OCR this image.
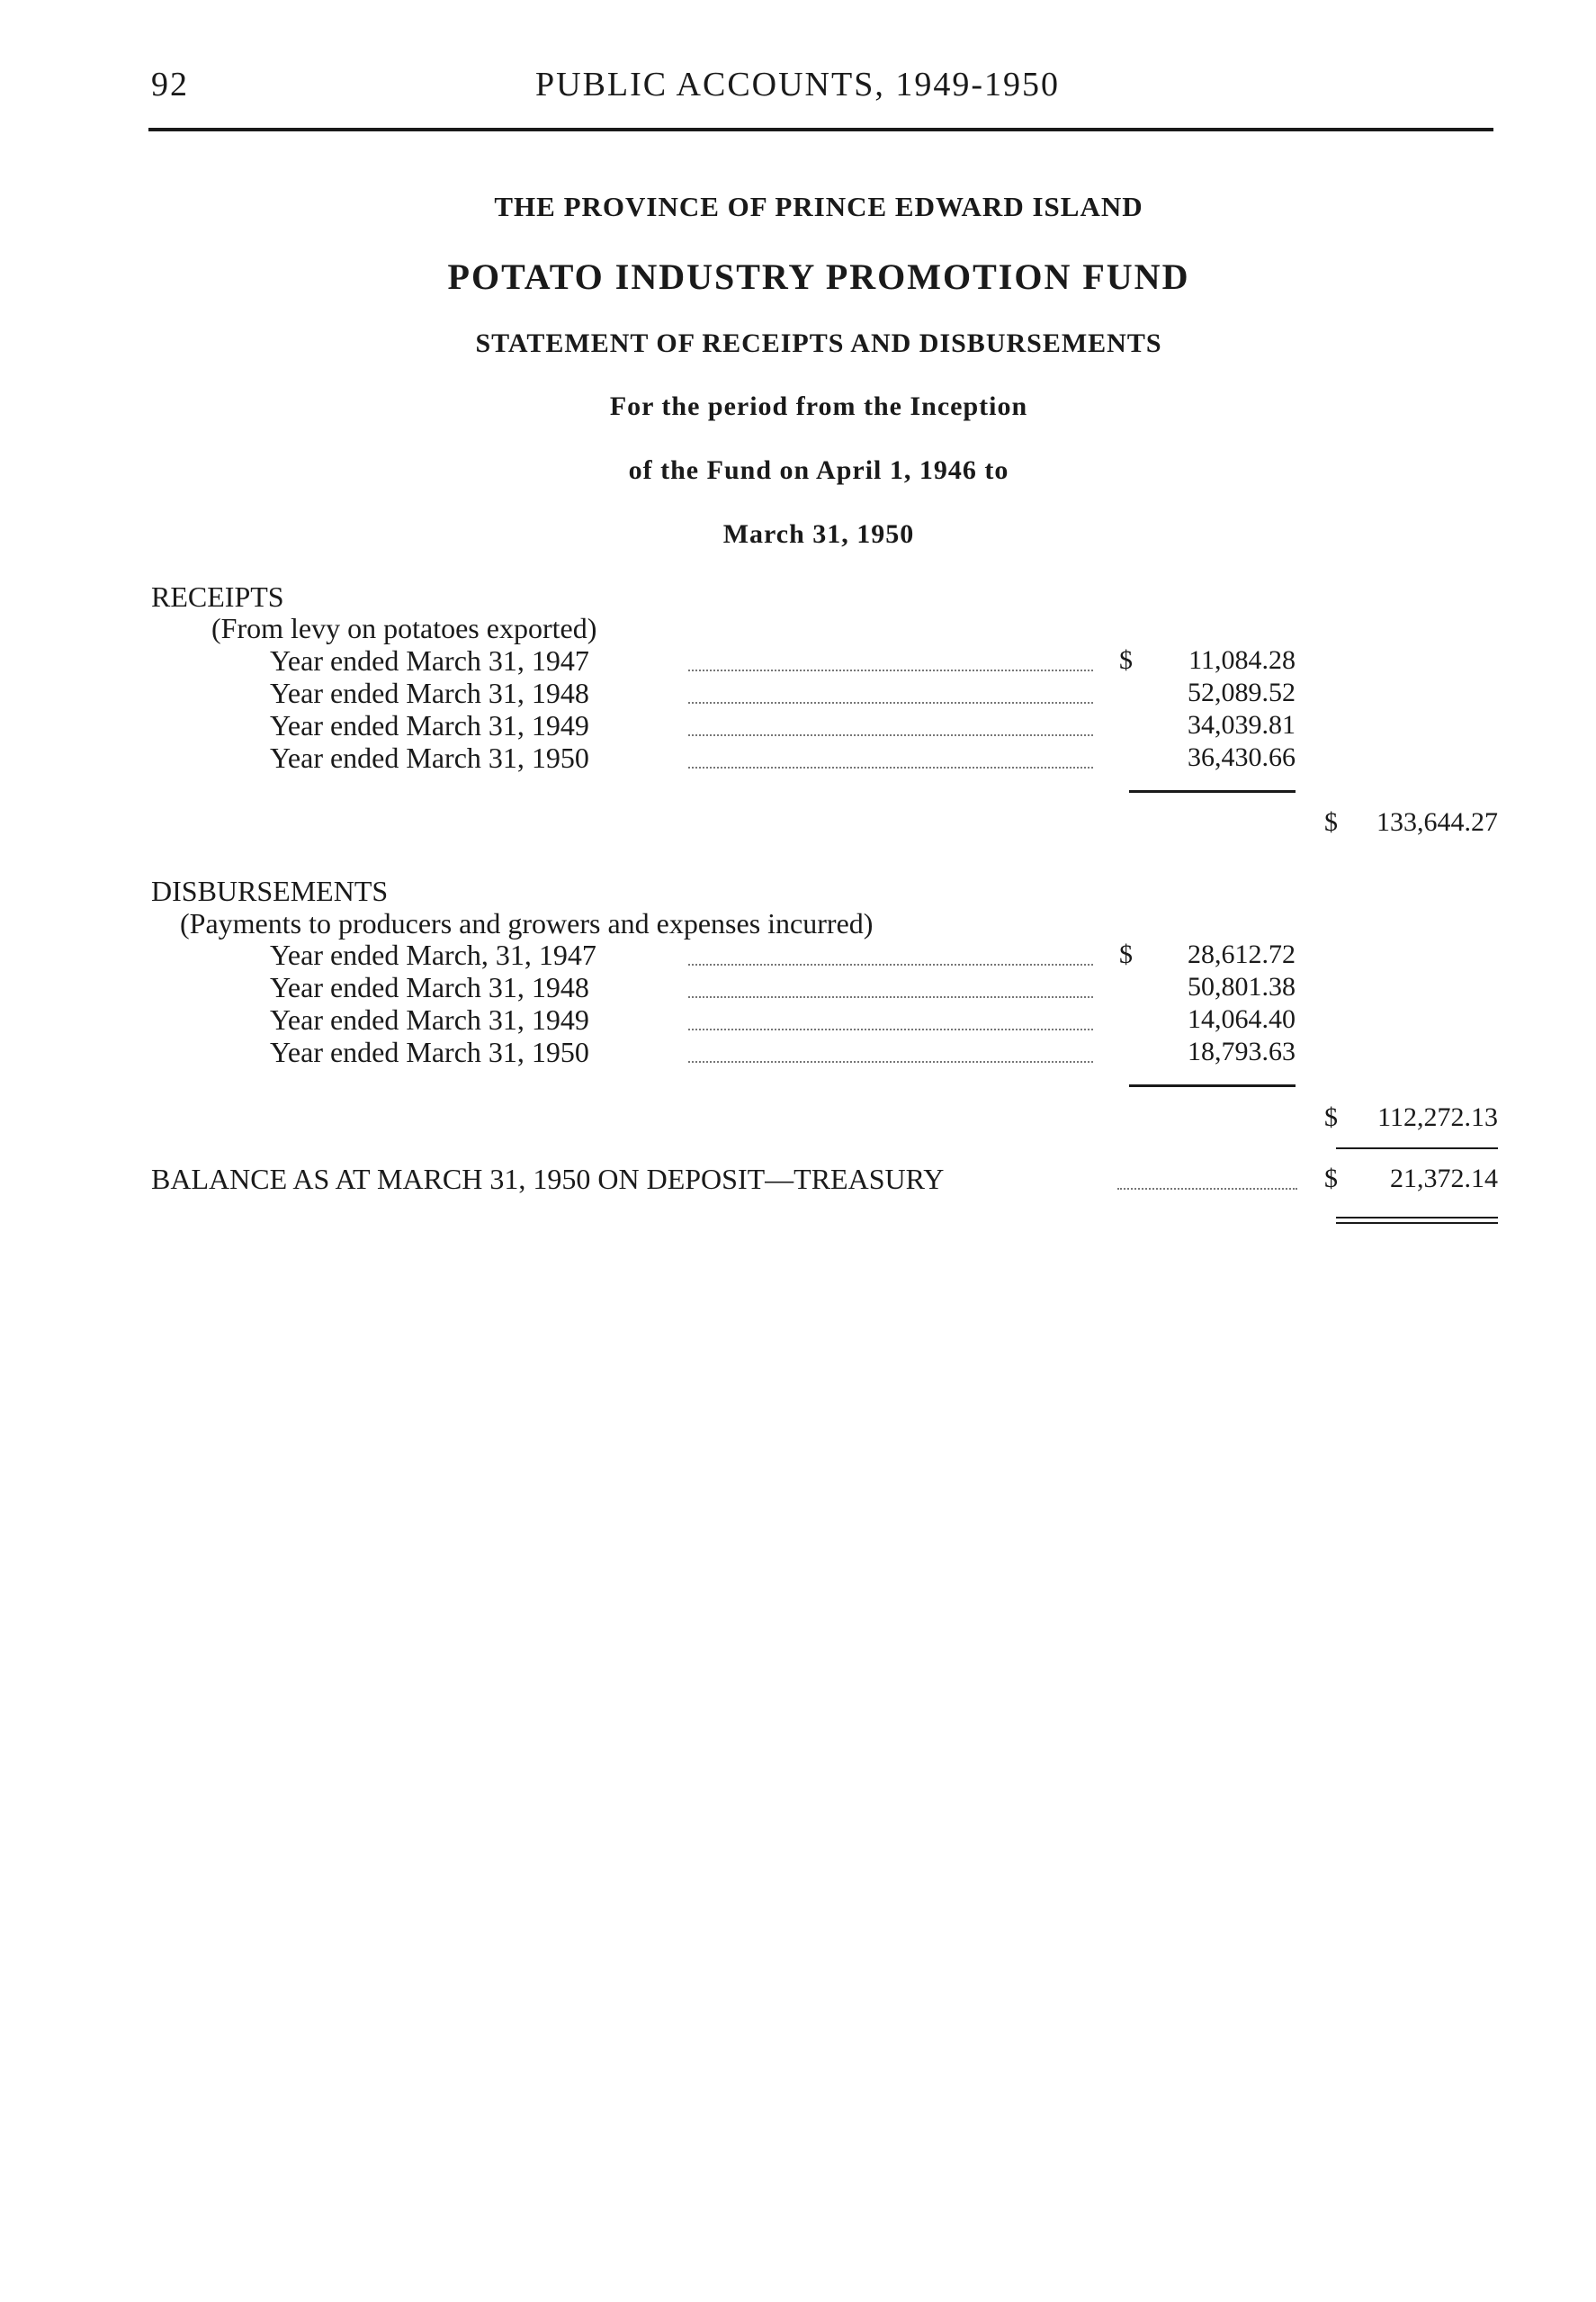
92	PUBLIC ACCOUNTS, 1949-1950
THE PROVINCE OF PRINCE EDWARD ISLAND
POTATO INDUSTRY PROMOTION FUND
STATEMENT OF RECEIPTS AND DISBURSEMENTS
For the period from the Inception
of the Fund on April 1, 1946 to
March 31, 1950
RECEIPTS
(From levy on potatoes exported)
Year ended March 31, 1947	$	11,084.28
Year ended March 31, 1948	52,089.52
Year ended March 31, 1949	34,039.81
Year ended March 31, 1950	36,430.66
$	133,644.27
DISBURSEMENTS
(Payments to producers and growers and expenses incurred)
Year ended March, 31, 1947	$	28,612.72
Year ended March 31, 1948	50,801.38
Year ended March 31, 1949	14,064.40
Year ended March 31, 1950	18,793.63
$	112,272.13
BALANCE AS AT MARCH 31, 1950 ON DEPOSIT—TREASURY	$	21,372.14
